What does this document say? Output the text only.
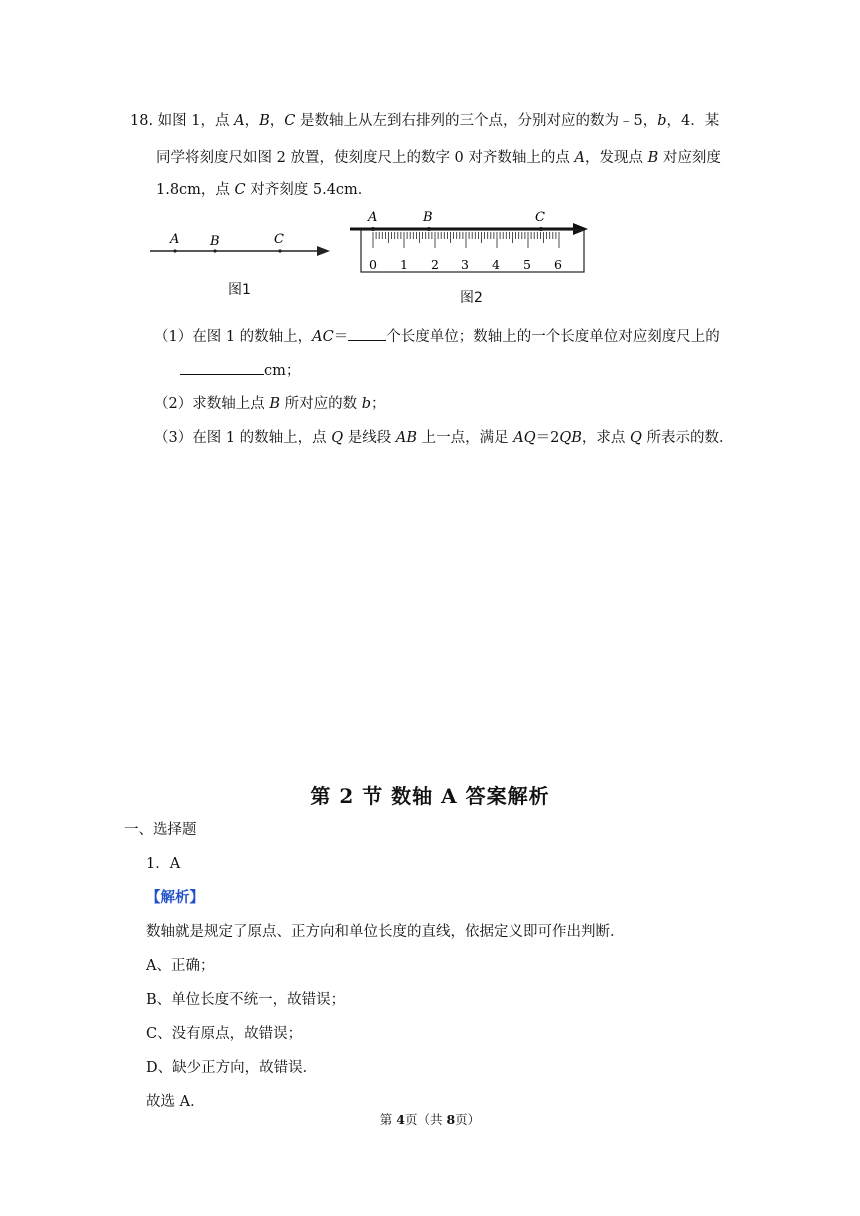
18. 如图 1，点 A，B，C 是数轴上从左到右排列的三个点，分别对应的数为﹣5，b，4．某
同学将刻度尺如图 2 放置，使刻度尺上的数字 0 对齐数轴上的点 A，发现点 B 对应刻度
1.8cm，点 C 对齐刻度 5.4cm．
A B	C
图1
A	B	C
0 1 2 3 4 5 6
图2
（1）在图 1 的数轴上，AC＝	个长度单位；数轴上的一个长度单位对应刻度尺上的
cm；
（2）求数轴上点 B 所对应的数 b；
（3）在图 1 的数轴上，点 Q 是线段 AB 上一点，满足 AQ＝2QB，求点 Q 所表示的数．
第 2 节 数轴 A 答案解析
一、选择题
1．A
【解析】
数轴就是规定了原点、正方向和单位长度的直线，依据定义即可作出判断．
A、正确；
B、单位长度不统一，故错误；
C、没有原点，故错误；
D、缺少正方向，故错误．
故选 A．
第 4页（共 8页）
